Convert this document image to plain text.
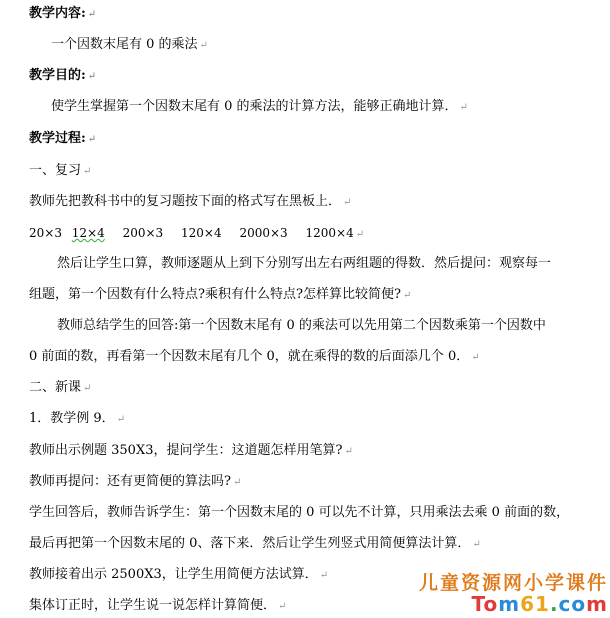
教学内容: ↵
一个因数末尾有 0 的乘法 ↵
教学目的: ↵
使学生掌握第一个因数末尾有 0 的乘法的计算方法，能够正确地计算． ↵
教学过程: ↵
一、复习 ↵
教师先把教科书中的复习题按下面的格式写在黑板上． ↵
20×3 12×4 200×3 120×4 2000×3 1200×4 ↵
然后让学生口算，教师逐题从上到下分别写出左右两组题的得数．然后提问：观察每一
组题，第一个因数有什么特点?乘积有什么特点?怎样算比较简便? ↵
教师总结学生的回答:第一个因数末尾有 0 的乘法可以先用第二个因数乘第一个因数中
0 前面的数，再看第一个因数末尾有几个 0，就在乘得的数的后面添几个 0． ↵
二、新课 ↵
1．教学例 9． ↵
教师出示例题 350X3，提问学生：这道题怎样用笔算? ↵
教师再提问：还有更简便的算法吗? ↵
学生回答后，教师告诉学生：第一个因数末尾的 0 可以先不计算，只用乘法去乘 0 前面的数，
最后再把第一个因数末尾的 0、落下来．然后让学生列竖式用简便算法计算． ↵
教师接着出示 2500X3，让学生用简便方法试算． ↵
集体订正时，让学生说一说怎样计算简便． ↵
儿童资源网小学课件
Tom61.com
